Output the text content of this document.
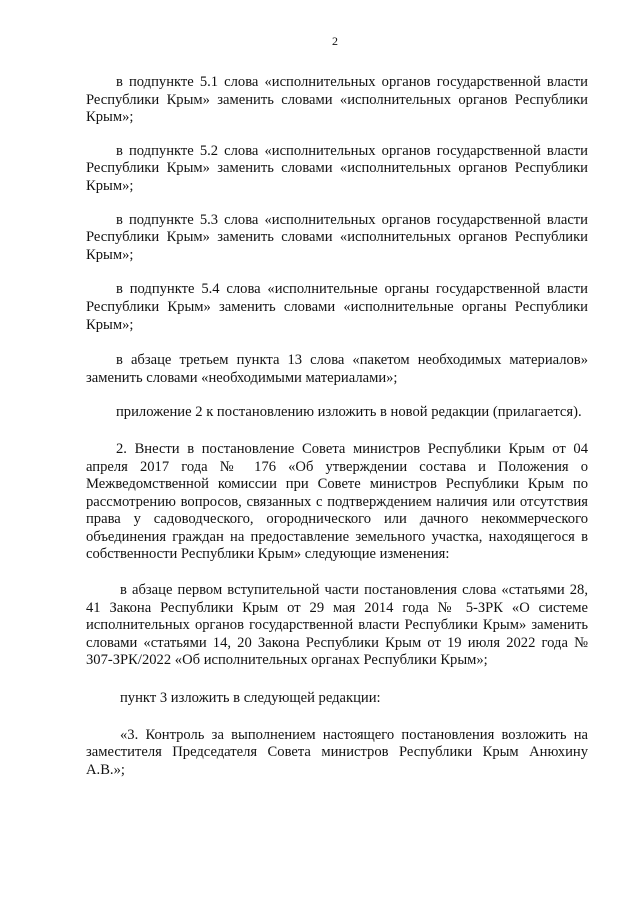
2

в подпункте 5.1 слова «исполнительных органов государственной власти Республики Крым» заменить словами «исполнительных органов Республики Крым»;

в подпункте 5.2 слова «исполнительных органов государственной власти Республики Крым» заменить словами «исполнительных органов Республики Крым»;

в подпункте 5.3 слова «исполнительных органов государственной власти Республики Крым» заменить словами «исполнительных органов Республики Крым»;

в подпункте 5.4 слова «исполнительные органы государственной власти Республики Крым» заменить словами «исполнительные органы Республики Крым»;

в абзаце третьем пункта 13 слова «пакетом необходимых материалов» заменить словами «необходимыми материалами»;

приложение 2 к постановлению изложить в новой редакции (прилагается).

2. Внести в постановление Совета министров Республики Крым от 04 апреля 2017 года № 176 «Об утверждении состава и Положения о Межведомственной комиссии при Совете министров Республики Крым по рассмотрению вопросов, связанных с подтверждением наличия или отсутствия права у садоводческого, огороднического или дачного некоммерческого объединения граждан на предоставление земельного участка, находящегося в собственности Республики Крым» следующие изменения:

в абзаце первом вступительной части постановления слова «статьями 28, 41 Закона Республики Крым от 29 мая 2014 года № 5-ЗРК «О системе исполнительных органов государственной власти Республики Крым» заменить словами «статьями 14, 20 Закона Республики Крым от 19 июля 2022 года № 307-ЗРК/2022 «Об исполнительных органах Республики Крым»;

пункт 3 изложить в следующей редакции:

«3. Контроль за выполнением настоящего постановления возложить на заместителя Председателя Совета министров Республики Крым Анюхину А.В.»;
